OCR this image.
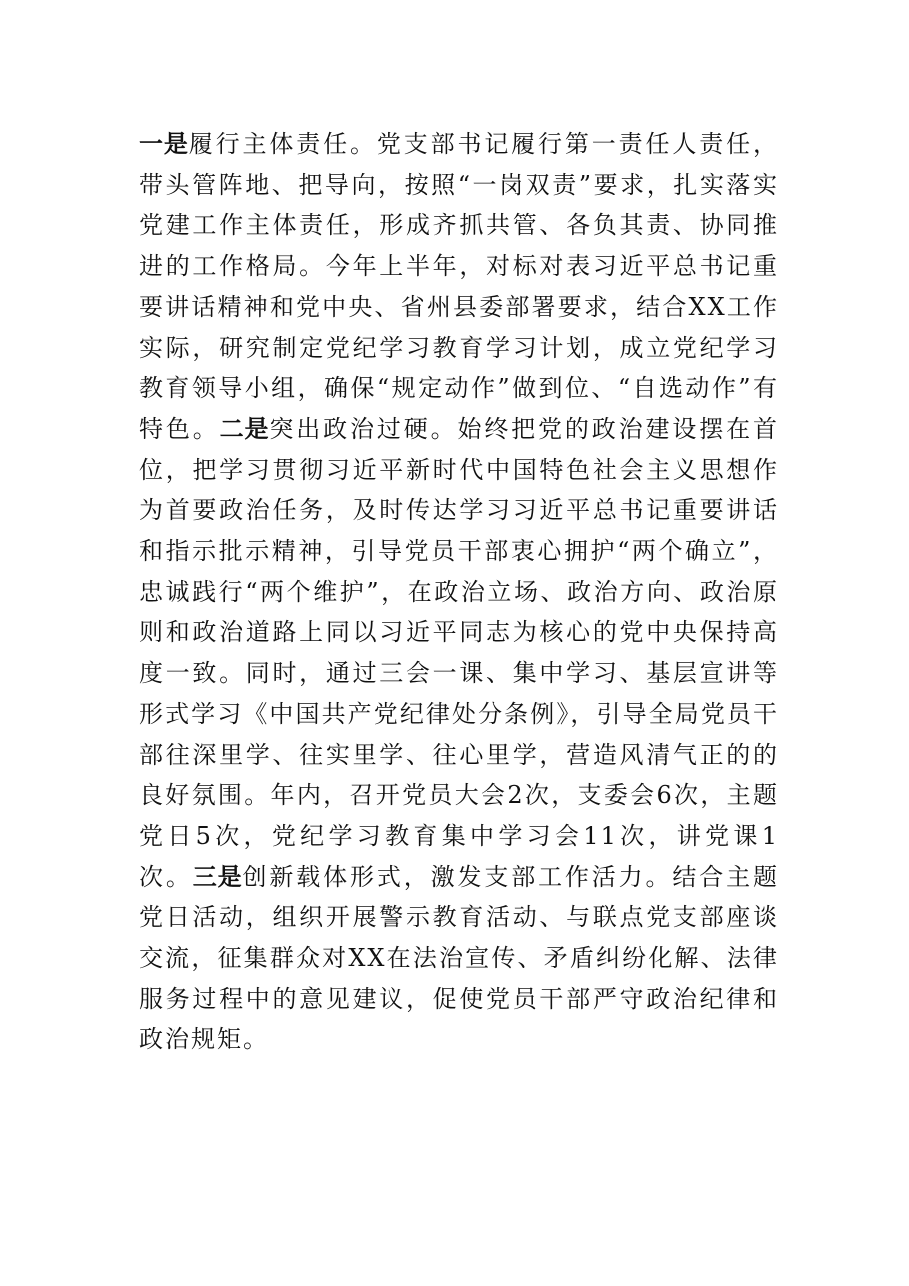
一是履行主体责任。党支部书记履行第一责任人责任，带头管阵地、把导向，按照“一岗双责”要求，扎实落实党建工作主体责任，形成齐抓共管、各负其责、协同推进的工作格局。今年上半年，对标对表习近平总书记重要讲话精神和党中央、省州县委部署要求，结合XX工作实际，研究制定党纪学习教育学习计划，成立党纪学习教育领导小组，确保“规定动作”做到位、“自选动作”有特色。二是突出政治过硬。始终把党的政治建设摆在首位，把学习贯彻习近平新时代中国特色社会主义思想作为首要政治任务，及时传达学习习近平总书记重要讲话和指示批示精神，引导党员干部衷心拥护“两个确立”，忠诚践行“两个维护”，在政治立场、政治方向、政治原则和政治道路上同以习近平同志为核心的党中央保持高度一致。同时，通过三会一课、集中学习、基层宣讲等形式学习《中国共产党纪律处分条例》，引导全局党员干部往深里学、往实里学、往心里学，营造风清气正的的良好氛围。年内，召开党员大会2次，支委会6次，主题党日5次，党纪学习教育集中学习会11次，讲党课1次。三是创新载体形式，激发支部工作活力。结合主题党日活动，组织开展警示教育活动、与联点党支部座谈交流，征集群众对XX在法治宣传、矛盾纠纷化解、法律服务过程中的意见建议，促使党员干部严守政治纪律和政治规矩。
